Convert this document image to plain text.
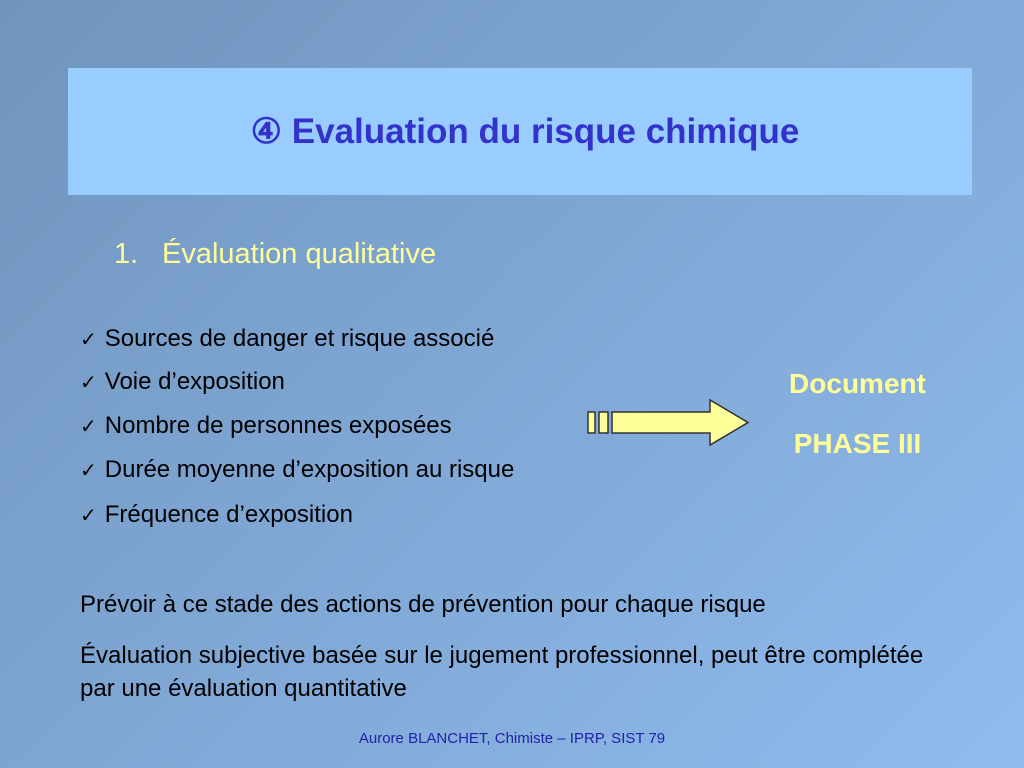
④ Evaluation du risque chimique
1. Évaluation qualitative
✓ Sources de danger et risque associé
✓ Voie d’exposition
✓ Nombre de personnes exposées
✓ Durée moyenne d’exposition au risque
✓ Fréquence d’exposition
Document
PHASE III
Prévoir à ce stade des actions de prévention pour chaque risque
Évaluation subjective basée sur le jugement professionnel, peut être complétée par une évaluation quantitative
Aurore BLANCHET, Chimiste – IPRP, SIST 79
